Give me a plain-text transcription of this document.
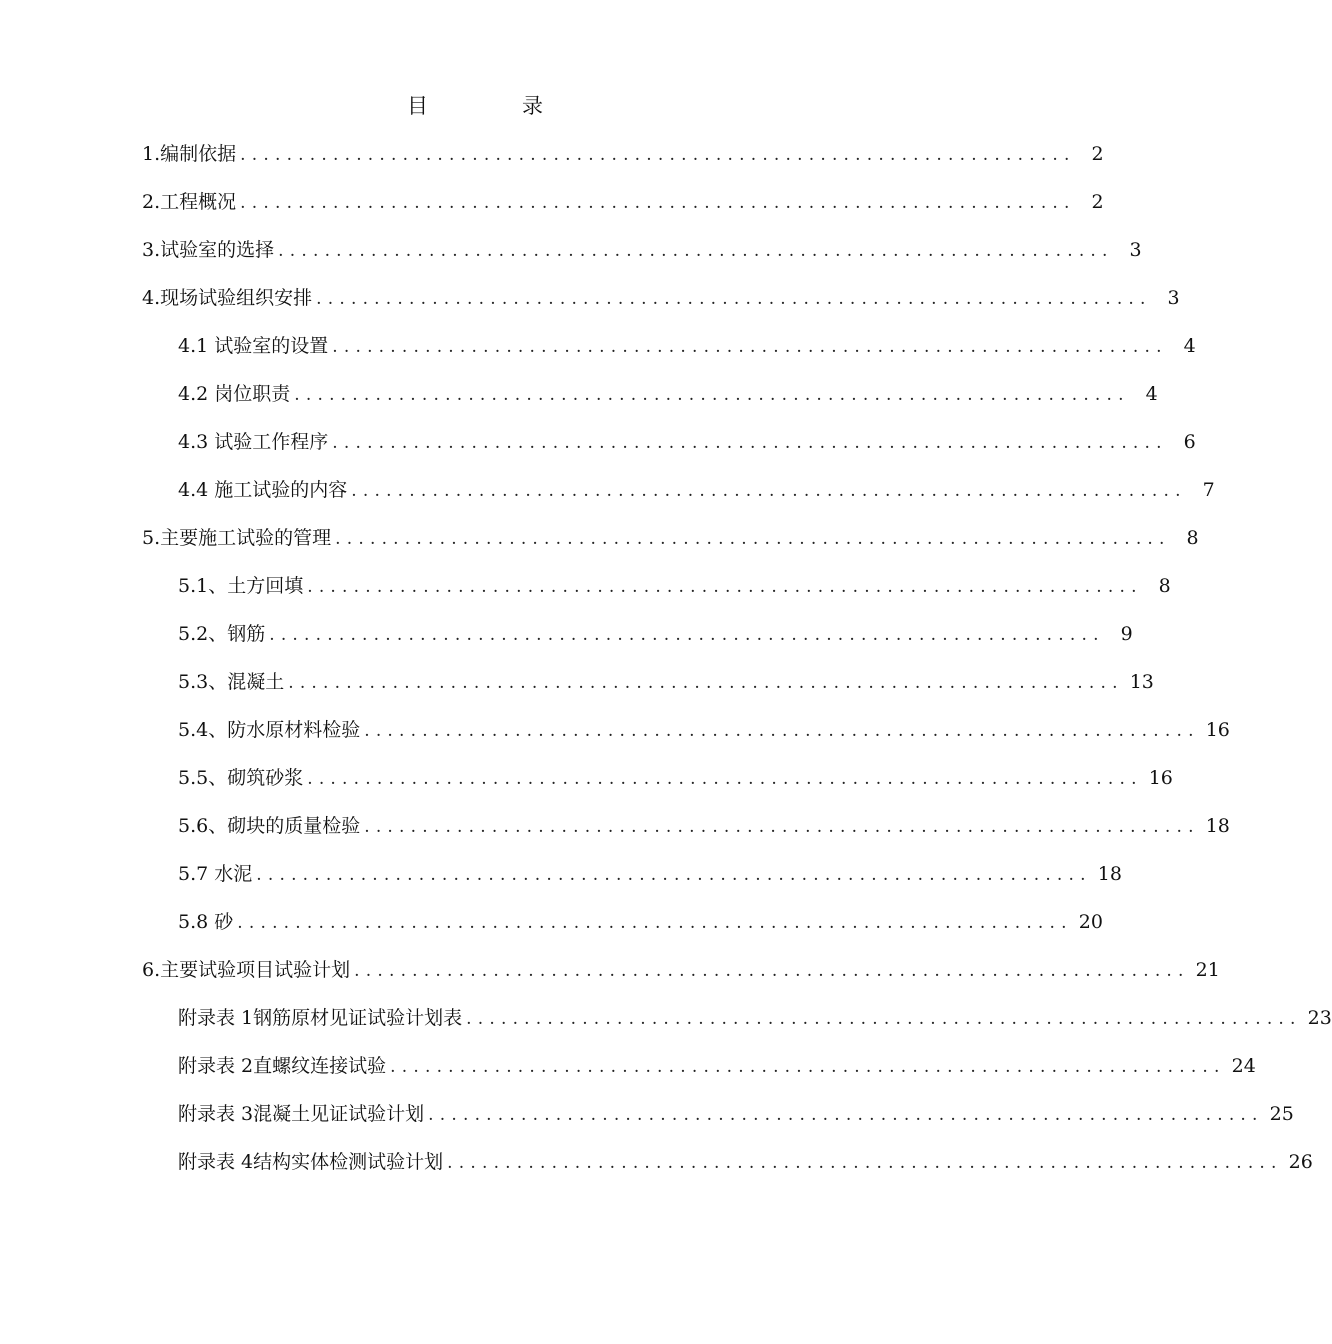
目	录
1. 编制依据 ........................................................................ 2
2. 工程概况 ........................................................................ 2
3. 试验室的选择 ........................................................................ 3
4. 现场试验组织安排 ........................................................................ 3
4.1 试验室的设置 ........................................................................ 4
4.2 岗位职责 ........................................................................ 4
4.3 试验工作程序 ........................................................................ 6
4.4 施工试验的内容 ........................................................................ 7
5. 主要施工试验的管理 ........................................................................ 8
5.1、土方回填 ........................................................................ 8
5.2、钢筋 ........................................................................ 9
5.3、混凝土 ........................................................................ 13
5.4、防水原材料检验 ........................................................................ 16
5.5、砌筑砂浆 ........................................................................ 16
5.6、砌块的质量检验 ........................................................................ 18
5.7 水泥 ........................................................................ 18
5.8 砂 ........................................................................ 20
6. 主要试验项目试验计划 ........................................................................ 21
附录表 1 钢筋原材见证试验计划表 ........................................................................ 23
附录表 2 直螺纹连接试验 ........................................................................ 24
附录表 3 混凝土见证试验计划 ........................................................................ 25
附录表 4 结构实体检测试验计划 ........................................................................ 26
